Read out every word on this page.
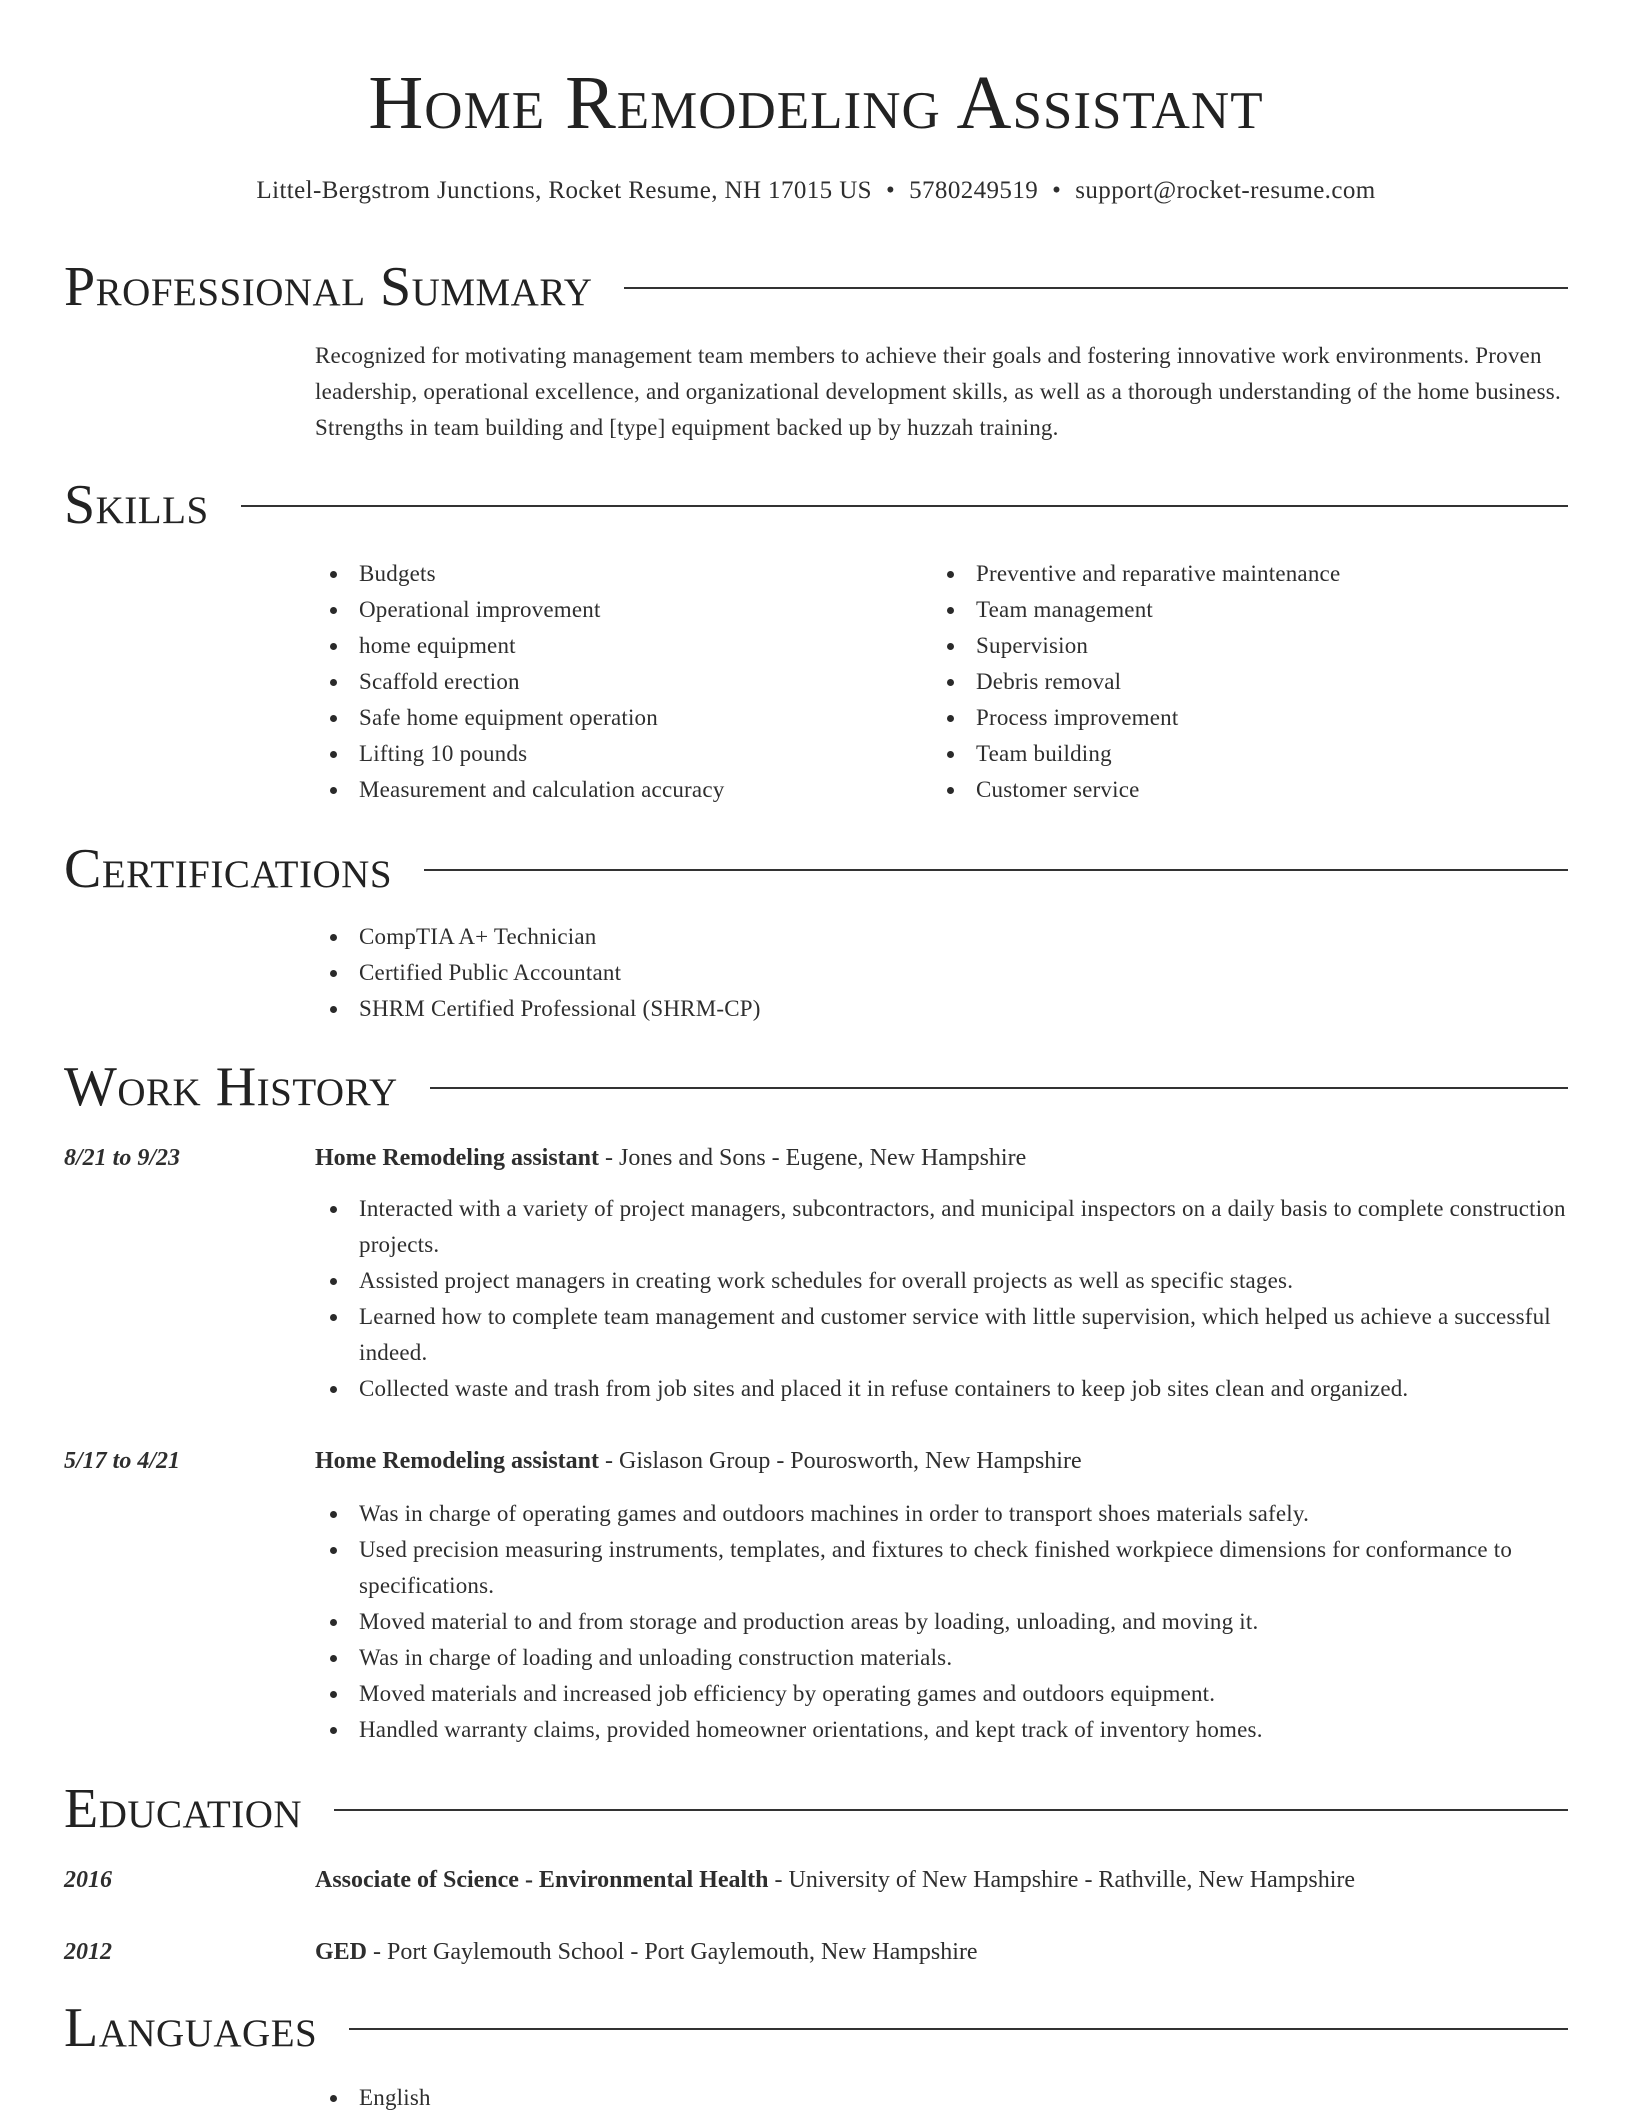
Home Remodeling Assistant
Littel-Bergstrom Junctions, Rocket Resume, NH 17015 US • 5780249519 • support@rocket-resume.com
Professional Summary
Recognized for motivating management team members to achieve their goals and fostering innovative work environments. Proven leadership, operational excellence, and organizational development skills, as well as a thorough understanding of the home business. Strengths in team building and [type] equipment backed up by huzzah training.
Skills
Budgets
Operational improvement
home equipment
Scaffold erection
Safe home equipment operation
Lifting 10 pounds
Measurement and calculation accuracy
Preventive and reparative maintenance
Team management
Supervision
Debris removal
Process improvement
Team building
Customer service
Certifications
CompTIA A+ Technician
Certified Public Accountant
SHRM Certified Professional (SHRM-CP)
Work History
8/21 to 9/23	Home Remodeling assistant - Jones and Sons - Eugene, New Hampshire
Interacted with a variety of project managers, subcontractors, and municipal inspectors on a daily basis to complete construction projects.
Assisted project managers in creating work schedules for overall projects as well as specific stages.
Learned how to complete team management and customer service with little supervision, which helped us achieve a successful indeed.
Collected waste and trash from job sites and placed it in refuse containers to keep job sites clean and organized.
5/17 to 4/21	Home Remodeling assistant - Gislason Group - Pourosworth, New Hampshire
Was in charge of operating games and outdoors machines in order to transport shoes materials safely.
Used precision measuring instruments, templates, and fixtures to check finished workpiece dimensions for conformance to specifications.
Moved material to and from storage and production areas by loading, unloading, and moving it.
Was in charge of loading and unloading construction materials.
Moved materials and increased job efficiency by operating games and outdoors equipment.
Handled warranty claims, provided homeowner orientations, and kept track of inventory homes.
Education
2016	Associate of Science - Environmental Health - University of New Hampshire - Rathville, New Hampshire
2012	GED - Port Gaylemouth School - Port Gaylemouth, New Hampshire
Languages
English
